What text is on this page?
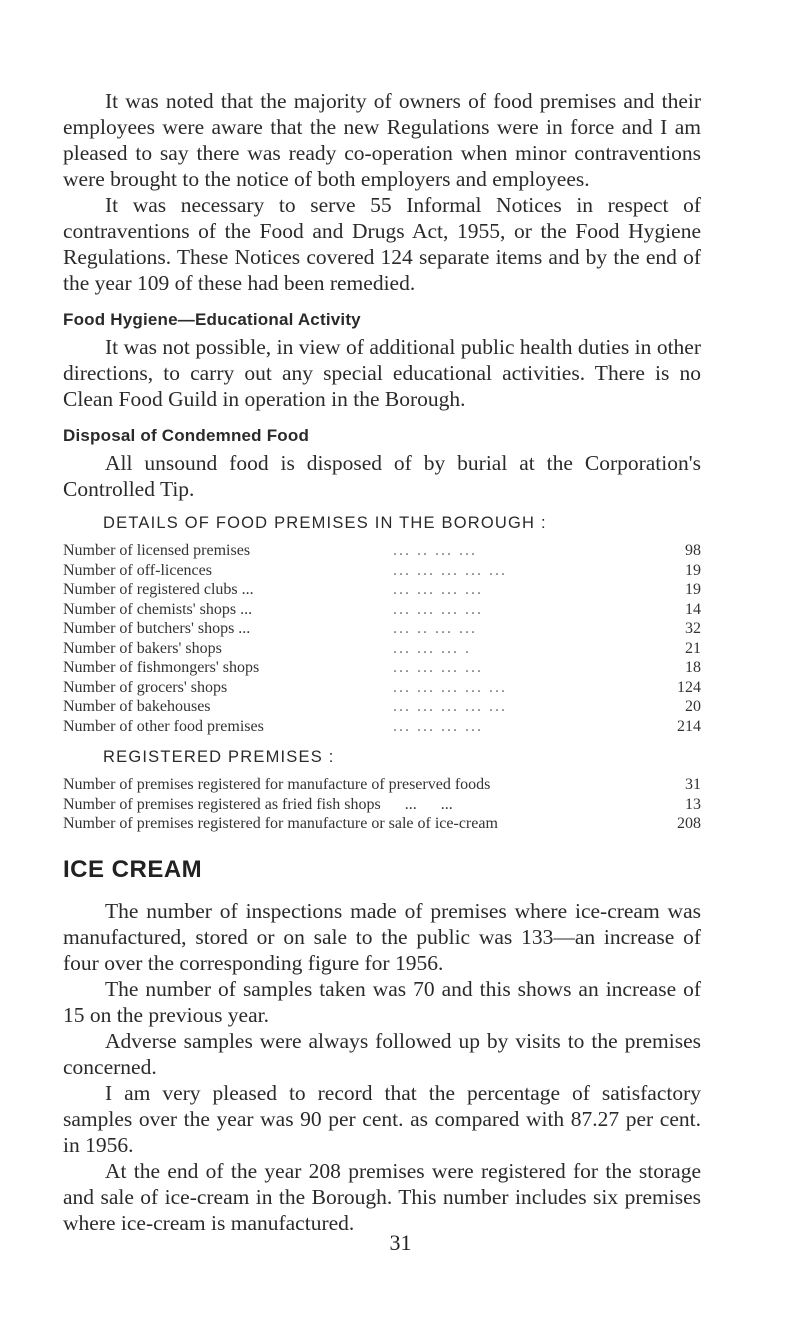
It was noted that the majority of owners of food premises and their employees were aware that the new Regulations were in force and I am pleased to say there was ready co-operation when minor contraventions were brought to the notice of both employers and employees.

It was necessary to serve 55 Informal Notices in respect of contraventions of the Food and Drugs Act, 1955, or the Food Hygiene Regulations. These Notices covered 124 separate items and by the end of the year 109 of these had been remedied.

Food Hygiene—Educational Activity

It was not possible, in view of additional public health duties in other directions, to carry out any special educational activities. There is no Clean Food Guild in operation in the Borough.

Disposal of Condemned Food

All unsound food is disposed of by burial at the Corporation's Controlled Tip.

DETAILS OF FOOD PREMISES IN THE BOROUGH :
Number of licensed premises	... .. ... ...	98
Number of off-licences	... ... ... ... ...	19
Number of registered clubs ...	... ... ... ...	19
Number of chemists' shops ...	... ... ... ...	14
Number of butchers' shops ...	... .. ... ...	32
Number of bakers' shops	... ... ... .	21
Number of fishmongers' shops	... ... ... ...	18
Number of grocers' shops	... ... ... ... ...	124
Number of bakehouses	... ... ... ... ...	20
Number of other food premises	... ... ... ...	214
REGISTERED PREMISES :
Number of premises registered for manufacture of preserved foods	31
Number of premises registered as fried fish shops      ...      ...	13
Number of premises registered for manufacture or sale of ice-cream	208
ICE CREAM

The number of inspections made of premises where ice-cream was manufactured, stored or on sale to the public was 133—an increase of four over the corresponding figure for 1956.

The number of samples taken was 70 and this shows an increase of 15 on the previous year.

Adverse samples were always followed up by visits to the premises concerned.

I am very pleased to record that the percentage of satisfactory samples over the year was 90 per cent. as compared with 87.27 per cent. in 1956.

At the end of the year 208 premises were registered for the storage and sale of ice-cream in the Borough. This number includes six premises where ice-cream is manufactured.

31
